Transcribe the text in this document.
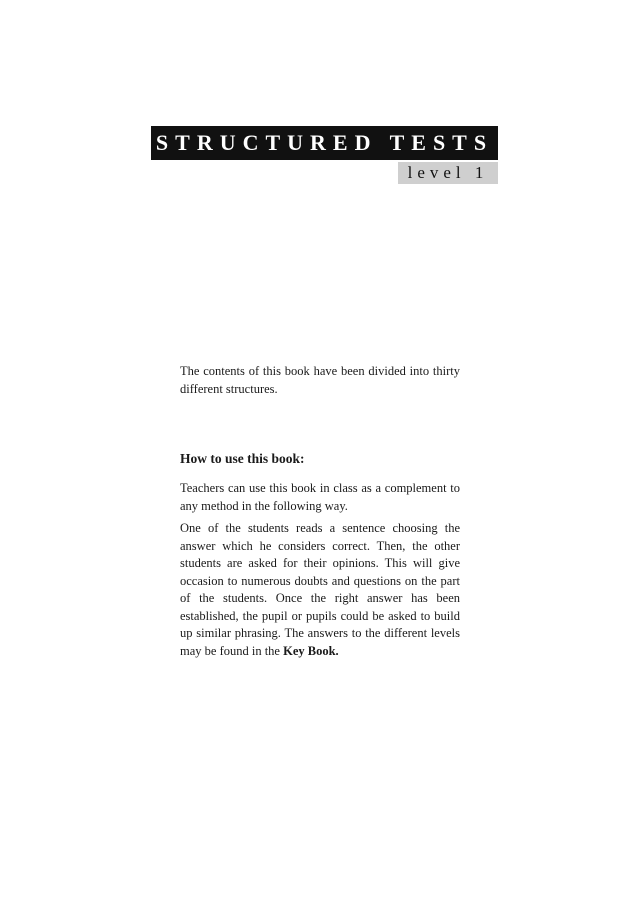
STRUCTURED TESTS
level 1

The contents of this book have been divided into thirty different structures.

How to use this book:

Teachers can use this book in class as a complement to any method in the following way.

One of the students reads a sentence choosing the answer which he considers correct. Then, the other students are asked for their opinions. This will give occasion to numerous doubts and questions on the part of the students. Once the right answer has been established, the pupil or pupils could be asked to build up similar phrasing. The answers to the different levels may be found in the Key Book.
